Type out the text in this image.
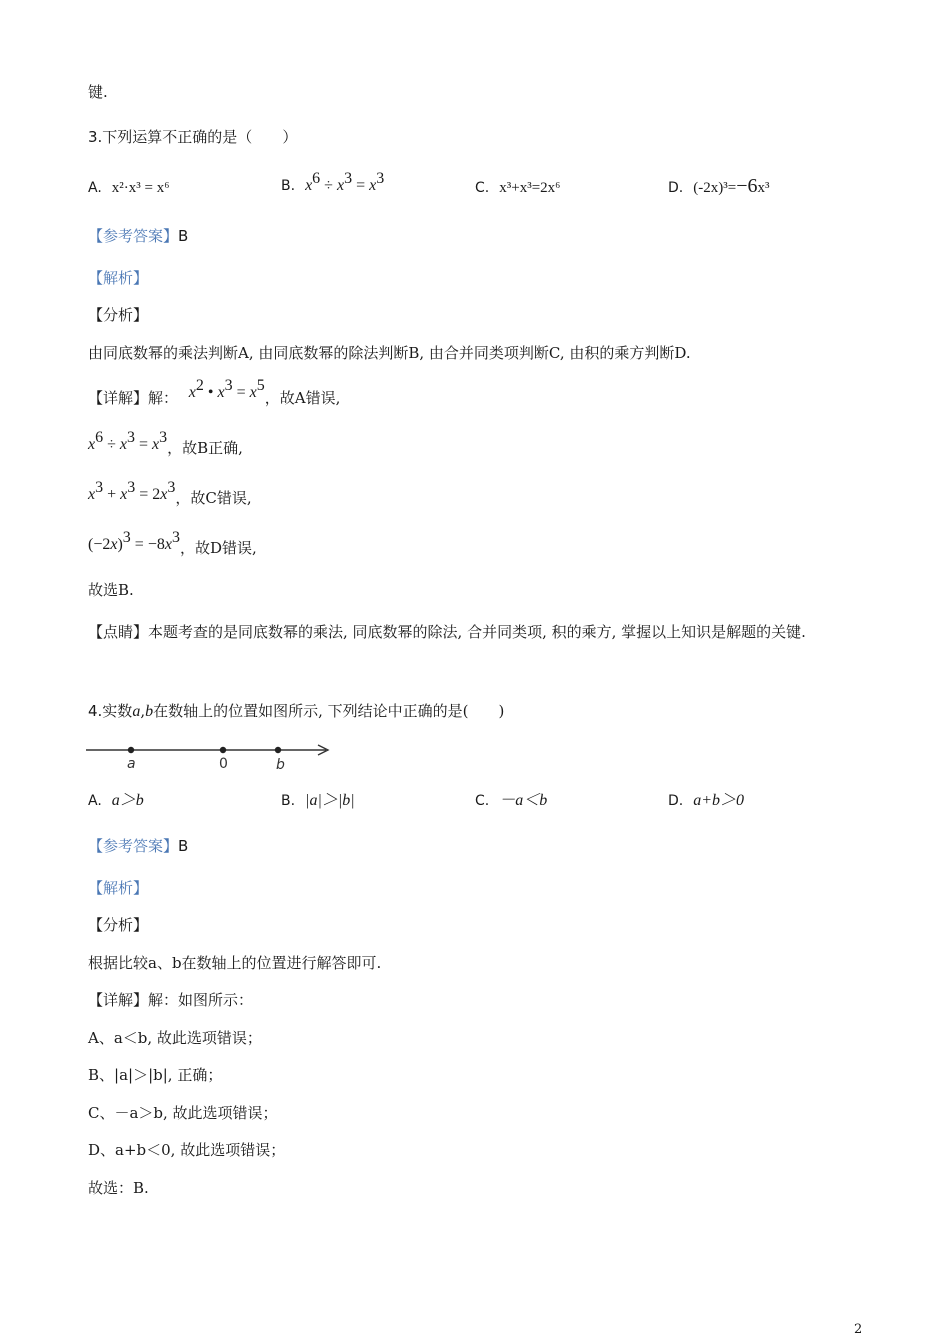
键.
3.下列运算不正确的是（　　）
A. x²·x³ = x⁶	B. $x^6 \div x^3 = x^3$
C. x³+x³=2x⁶	D. (-2x)³=−6x³
【参考答案】B
【解析】
【分析】
由同底数幂的乘法判断A, 由同底数幂的除法判断B, 由合并同类项判断C, 由积的乘方判断D.
【详解】解： $x^2$ • $x^3 = x^5$，故A错误,
$x^6 \div x^3 = x^3$，故B正确,
$x^3 + x^3 = 2x^3$，故C错误,
$(-2x)^3 = -8x^3$，故D错误,
故选B.
【点睛】本题考查的是同底数幂的乘法, 同底数幂的除法, 合并同类项, 积的乘方, 掌握以上知识是解题的关键.
4.实数a,b在数轴上的位置如图所示, 下列结论中正确的是(　　)
a	0	b
A. a＞b	B. |a|＞|b|	C. －a＜b	D. a+b＞0
【参考答案】B
【解析】
【分析】
根据比较a、b在数轴上的位置进行解答即可.
【详解】解：如图所示：
A、a＜b, 故此选项错误；
B、|a|＞|b|, 正确；
C、－a＞b, 故此选项错误；
D、a+b＜0, 故此选项错误；
故选：B.
2
